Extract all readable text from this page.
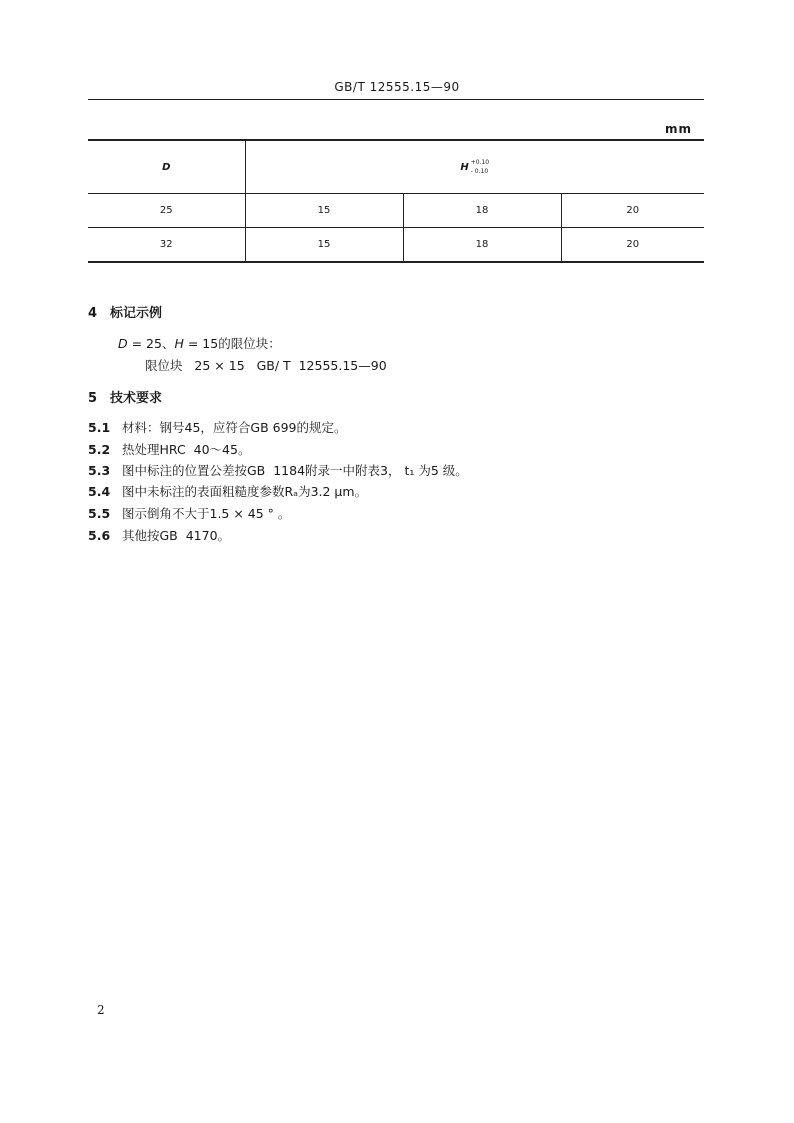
GB/T 12555.15—90
mm
D	H +0.10
- 0.10		

25	15	18	20
32	15	18	20
4 标记示例
D = 25、H = 15的限位块：
限位块   25 × 15   GB/ T  12555.15—90
5 技术要求
5.1 材料：钢号45，应符合GB 699的规定。
5.2 热处理HRC  40～45。
5.3 图中标注的位置公差按GB  1184附录一中附表3， t₁ 为5 级。
5.4 图中未标注的表面粗糙度参数Rₐ为3.2 μm。
5.5 图示倒角不大于1.5 × 45 ° 。
5.6 其他按GB  4170。
2
